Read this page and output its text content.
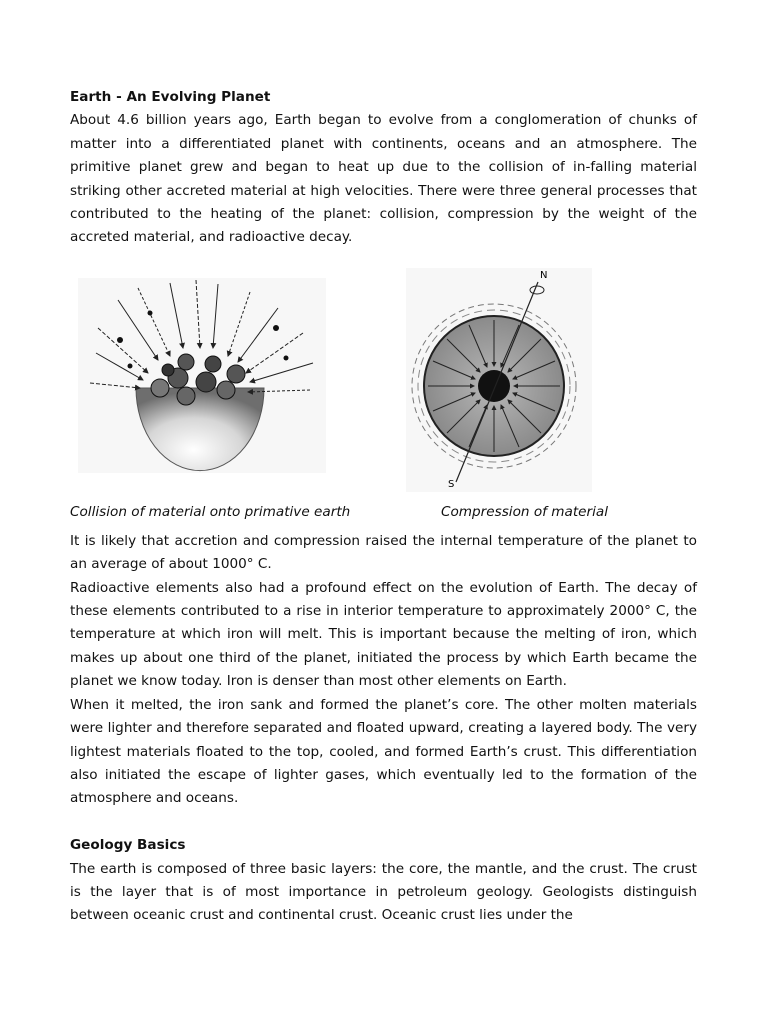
Earth - An Evolving Planet

About 4.6 billion years ago, Earth began to evolve from a conglomeration of chunks of matter into a differentiated planet with continents, oceans and an atmosphere. The primitive planet grew and began to heat up due to the collision of in-falling material striking other accreted material at high velocities. There were three general processes that contributed to the heating of the planet: collision, compression by the weight of the accreted material, and radioactive decay.

N
S
Collision of material onto primative earth	Compression of material

It is likely that accretion and compression raised the internal temperature of the planet to an average of about 1000° C.

Radioactive elements also had a profound effect on the evolution of Earth. The decay of these elements contributed to a rise in interior temperature to approximately 2000° C, the temperature at which iron will melt. This is important because the melting of iron, which makes up about one third of the planet, initiated the process by which Earth became the planet we know today. Iron is denser than most other elements on Earth.

When it melted, the iron sank and formed the planet’s core. The other molten materials were lighter and therefore separated and floated upward, creating a layered body. The very lightest materials floated to the top, cooled, and formed Earth’s crust. This differentiation also initiated the escape of lighter gases, which eventually led to the formation of the atmosphere and oceans.

Geology Basics

The earth is composed of three basic layers: the core, the mantle, and the crust. The crust is the layer that is of most importance in petroleum geology. Geologists distinguish between oceanic crust and continental crust. Oceanic crust lies under the
